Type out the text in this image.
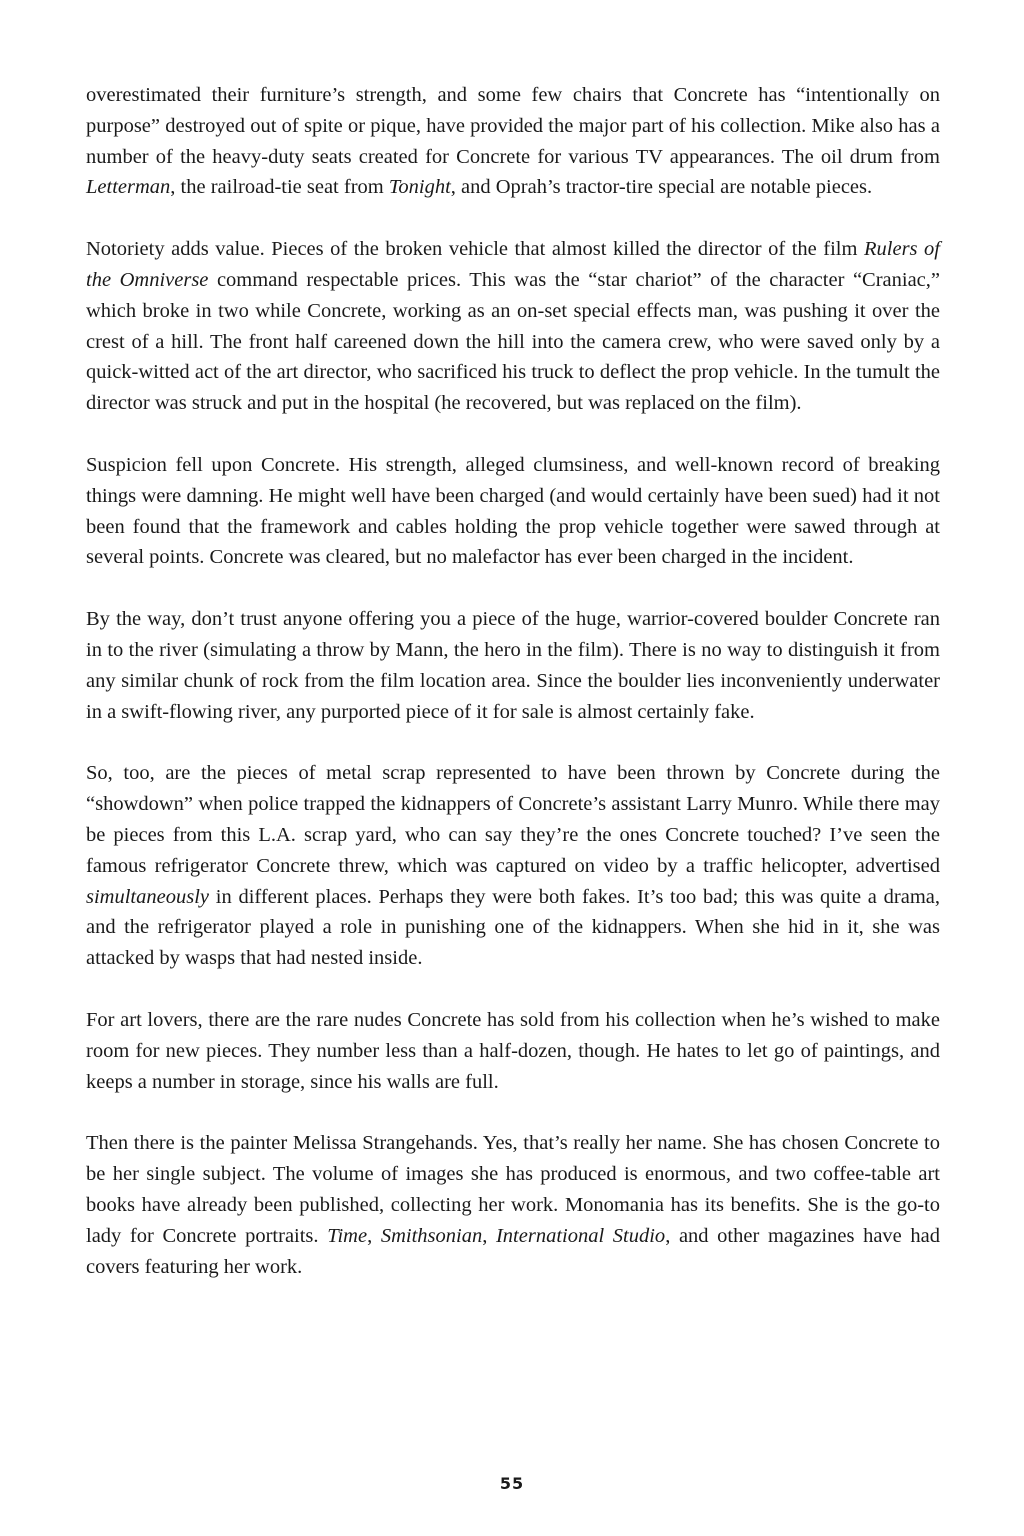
overestimated their furniture’s strength, and some few chairs that Concrete has “intentionally on purpose” destroyed out of spite or pique, have provided the major part of his collection. Mike also has a number of the heavy-duty seats created for Concrete for various TV appearances. The oil drum from Letterman, the railroad-tie seat from Tonight, and Oprah’s tractor-tire special are notable pieces.

Notoriety adds value. Pieces of the broken vehicle that almost killed the director of the film Rulers of the Omniverse command respectable prices. This was the “star chariot” of the character “Craniac,” which broke in two while Concrete, working as an on-set special effects man, was pushing it over the crest of a hill. The front half careened down the hill into the camera crew, who were saved only by a quick-witted act of the art director, who sacrificed his truck to deflect the prop vehicle. In the tumult the director was struck and put in the hospital (he recovered, but was replaced on the film).

Suspicion fell upon Concrete. His strength, alleged clumsiness, and well-known record of breaking things were damning. He might well have been charged (and would certainly have been sued) had it not been found that the framework and cables holding the prop vehicle together were sawed through at several points. Concrete was cleared, but no malefactor has ever been charged in the incident.

By the way, don’t trust anyone offering you a piece of the huge, warrior-covered boulder Concrete ran in to the river (simulating a throw by Mann, the hero in the film). There is no way to distinguish it from any similar chunk of rock from the film location area. Since the boulder lies inconveniently underwater in a swift-flowing river, any purported piece of it for sale is almost certainly fake.

So, too, are the pieces of metal scrap represented to have been thrown by Concrete during the “showdown” when police trapped the kidnappers of Concrete’s assistant Larry Munro. While there may be pieces from this L.A. scrap yard, who can say they’re the ones Concrete touched? I’ve seen the famous refrigerator Concrete threw, which was captured on video by a traffic helicopter, advertised simultaneously in different places. Perhaps they were both fakes. It’s too bad; this was quite a drama, and the refrigerator played a role in punishing one of the kidnappers. When she hid in it, she was attacked by wasps that had nested inside.

For art lovers, there are the rare nudes Concrete has sold from his collection when he’s wished to make room for new pieces. They number less than a half-dozen, though. He hates to let go of paintings, and keeps a number in storage, since his walls are full.

Then there is the painter Melissa Strangehands. Yes, that’s really her name. She has chosen Concrete to be her single subject. The volume of images she has produced is enormous, and two coffee-table art books have already been published, collecting her work. Monomania has its benefits. She is the go-to lady for Concrete portraits. Time, Smithsonian, International Studio, and other magazines have had covers featuring her work.

55
